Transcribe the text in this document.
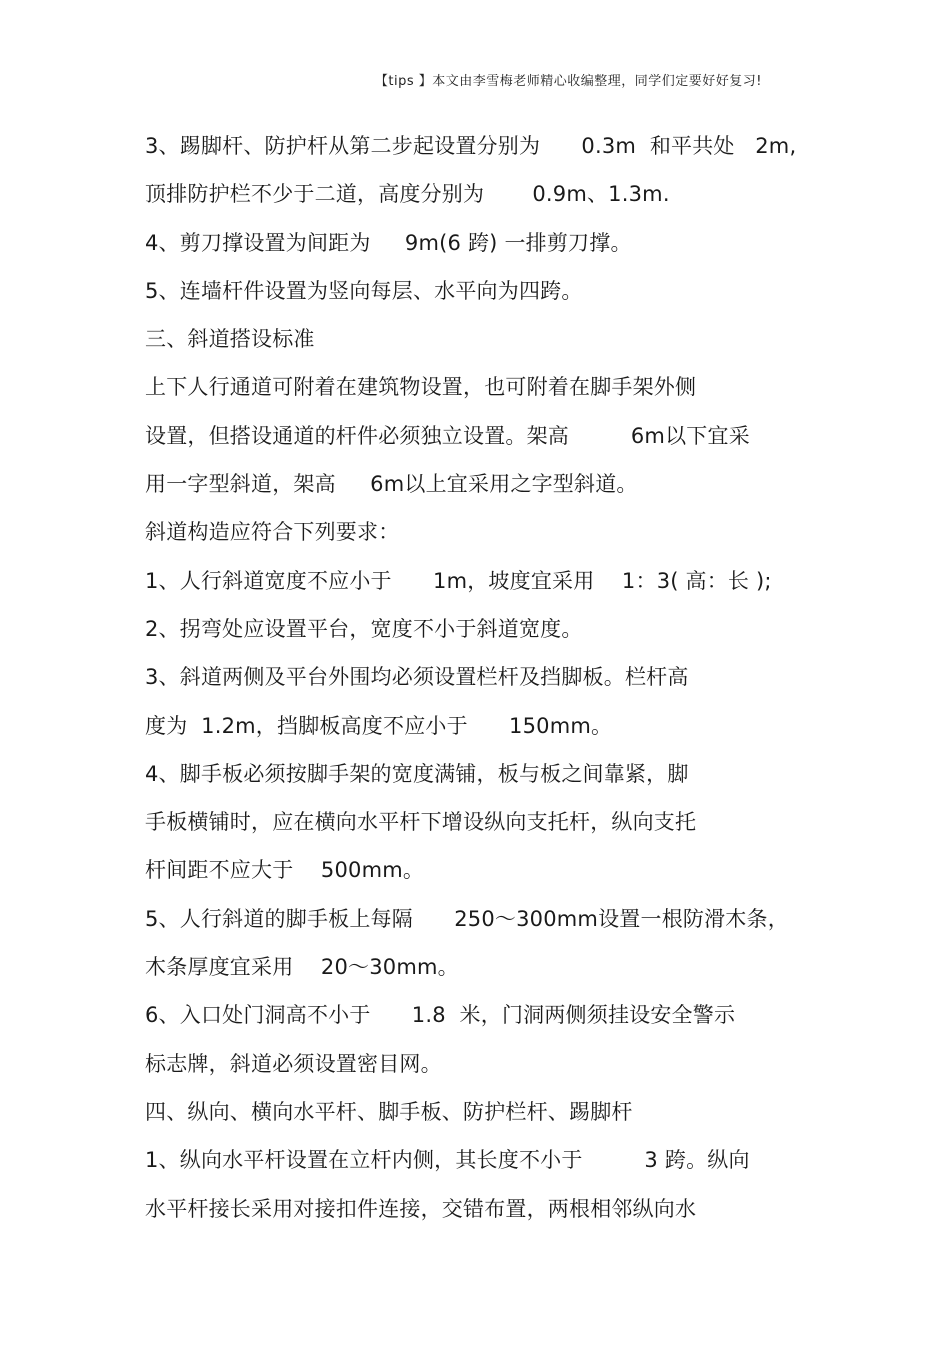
【tips 】本文由李雪梅老师精心收编整理，同学们定要好好复习!
3、踢脚杆、防护杆从第二步起设置分别为      0.3m  和平共处   2m,
顶排防护栏不少于二道，高度分别为       0.9m、1.3m.
4、剪刀撑设置为间距为     9m(6 跨) 一排剪刀撑。
5、连墙杆件设置为竖向每层、水平向为四跨。
三、斜道搭设标准
上下人行通道可附着在建筑物设置，也可附着在脚手架外侧
设置，但搭设通道的杆件必须独立设置。架高         6m以下宜采
用一字型斜道，架高     6m以上宜采用之字型斜道。
斜道构造应符合下列要求：
1、人行斜道宽度不应小于      1m，坡度宜采用    1：3( 高：长 );
2、拐弯处应设置平台，宽度不小于斜道宽度。
3、斜道两侧及平台外围均必须设置栏杆及挡脚板。栏杆高
度为  1.2m，挡脚板高度不应小于      150mm。
4、脚手板必须按脚手架的宽度满铺，板与板之间靠紧，脚
手板横铺时，应在横向水平杆下增设纵向支托杆，纵向支托
杆间距不应大于    500mm。
5、人行斜道的脚手板上每隔      250～300mm设置一根防滑木条，
木条厚度宜采用    20～30mm。
6、入口处门洞高不小于      1.8  米，门洞两侧须挂设安全警示
标志牌，斜道必须设置密目网。
四、纵向、横向水平杆、脚手板、防护栏杆、踢脚杆
1、纵向水平杆设置在立杆内侧，其长度不小于         3 跨。纵向
水平杆接长采用对接扣件连接，交错布置，两根相邻纵向水
